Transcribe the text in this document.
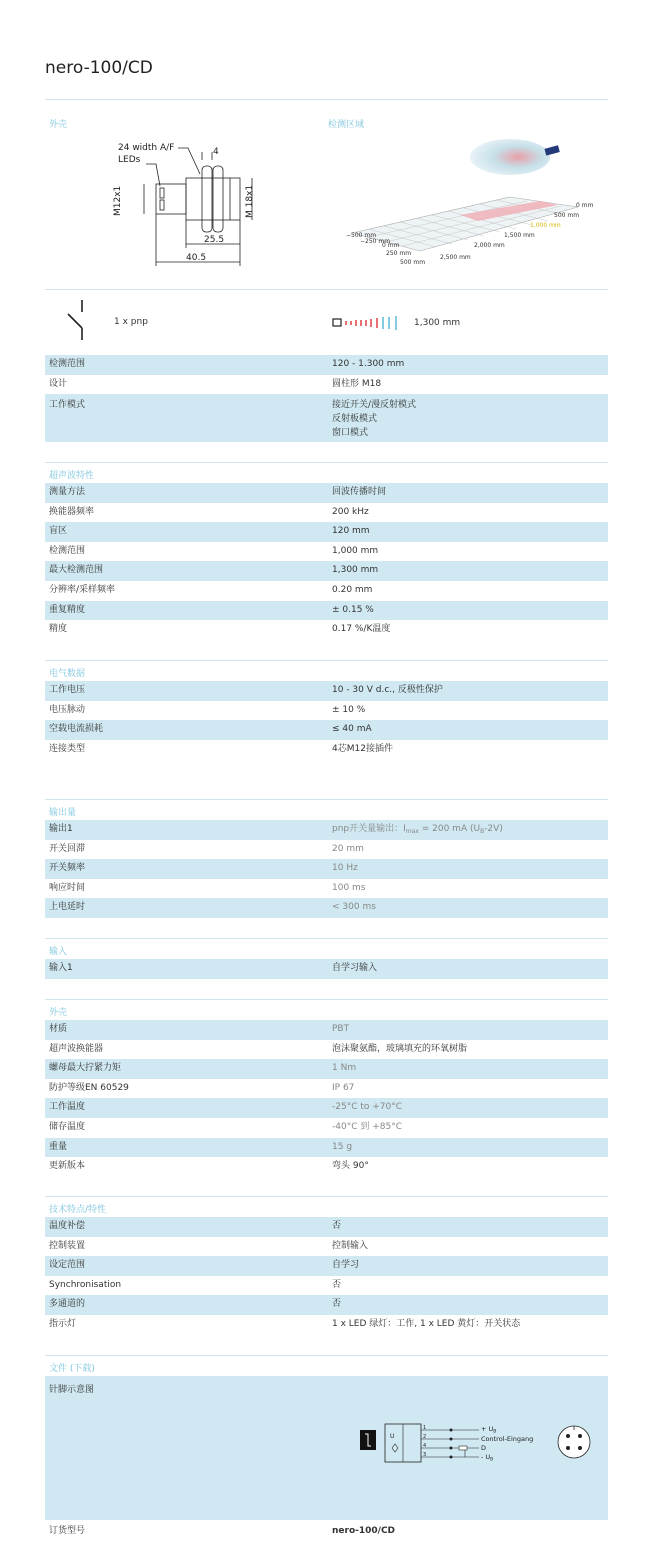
nero-100/CD
外壳	检测区域
24 width A/F
LEDs
4
25.5
40.5
M12x1	M 18x1	0 mm
500 mm
1,000 mm
1,500 mm
2,000 mm
2,500 mm
−500 mm
−250 mm
0 mm
250 mm
500 mm
1 x pnp	1,300 mm
检测范围	120 - 1.300 mm
设计	圆柱形 M18
工作模式	接近开关/漫反射模式
反射板模式
窗口模式
超声波特性
测量方法	回波传播时间
换能器频率	200 kHz
盲区	120 mm
检测范围	1,000 mm
最大检测范围	1,300 mm
分辨率/采样频率	0.20 mm
重复精度	± 0.15 %
精度	0.17 %/K温度
电气数据
工作电压	10 - 30 V d.c., 反极性保护
电压脉动	± 10 %
空载电流损耗	≤ 40 mA
连接类型	4芯M12接插件
输出量
输出1	pnp开关量输出：$I_{max} = 200$ mA $(U_B-2V)$
开关回滞	20 mm
开关频率	10 Hz
响应时间	100 ms
上电延时	< 300 ms
输入
输入1	自学习输入
外壳
材质	PBT
超声波换能器	泡沫聚氨酯，玻璃填充的环氧树脂
螺母最大拧紧力矩	1 Nm
防护等级EN 60529	IP 67
工作温度	-25°C to +70°C
储存温度	-40°C 到 +85°C
重量	15 g
更新版本	弯头 90°
技术特点/特性
温度补偿	否
控制装置	控制输入
设定范围	自学习
Synchronisation	否
多通道的	否
指示灯	1 x LED 绿灯：工作, 1 x LED 黄灯：开关状态
文件 (下载)
针脚示意图
U
1
2
4
3
+ $U_B$
Control-Eingang
D
- $U_B$
订货型号	nero-100/CD
